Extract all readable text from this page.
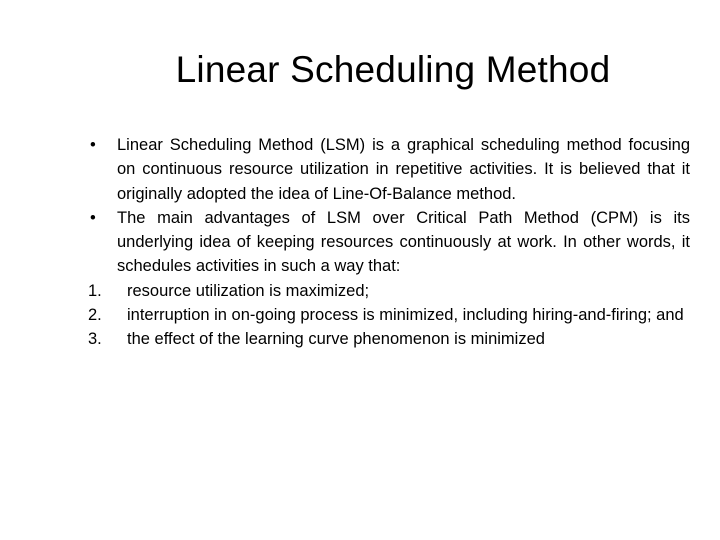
Linear Scheduling Method
•	Linear Scheduling Method (LSM) is a graphical scheduling method focusing on continuous resource utilization in repetitive activities. It is believed that it originally adopted the idea of Line-Of-Balance method.
•	The main advantages of LSM over Critical Path Method (CPM) is its underlying idea of keeping resources continuously at work. In other words, it schedules activities in such a way that:
1.	resource utilization is maximized;
2.	interruption in on-going process is minimized, including hiring-and-firing; and
3.	the effect of the learning curve phenomenon is minimized
